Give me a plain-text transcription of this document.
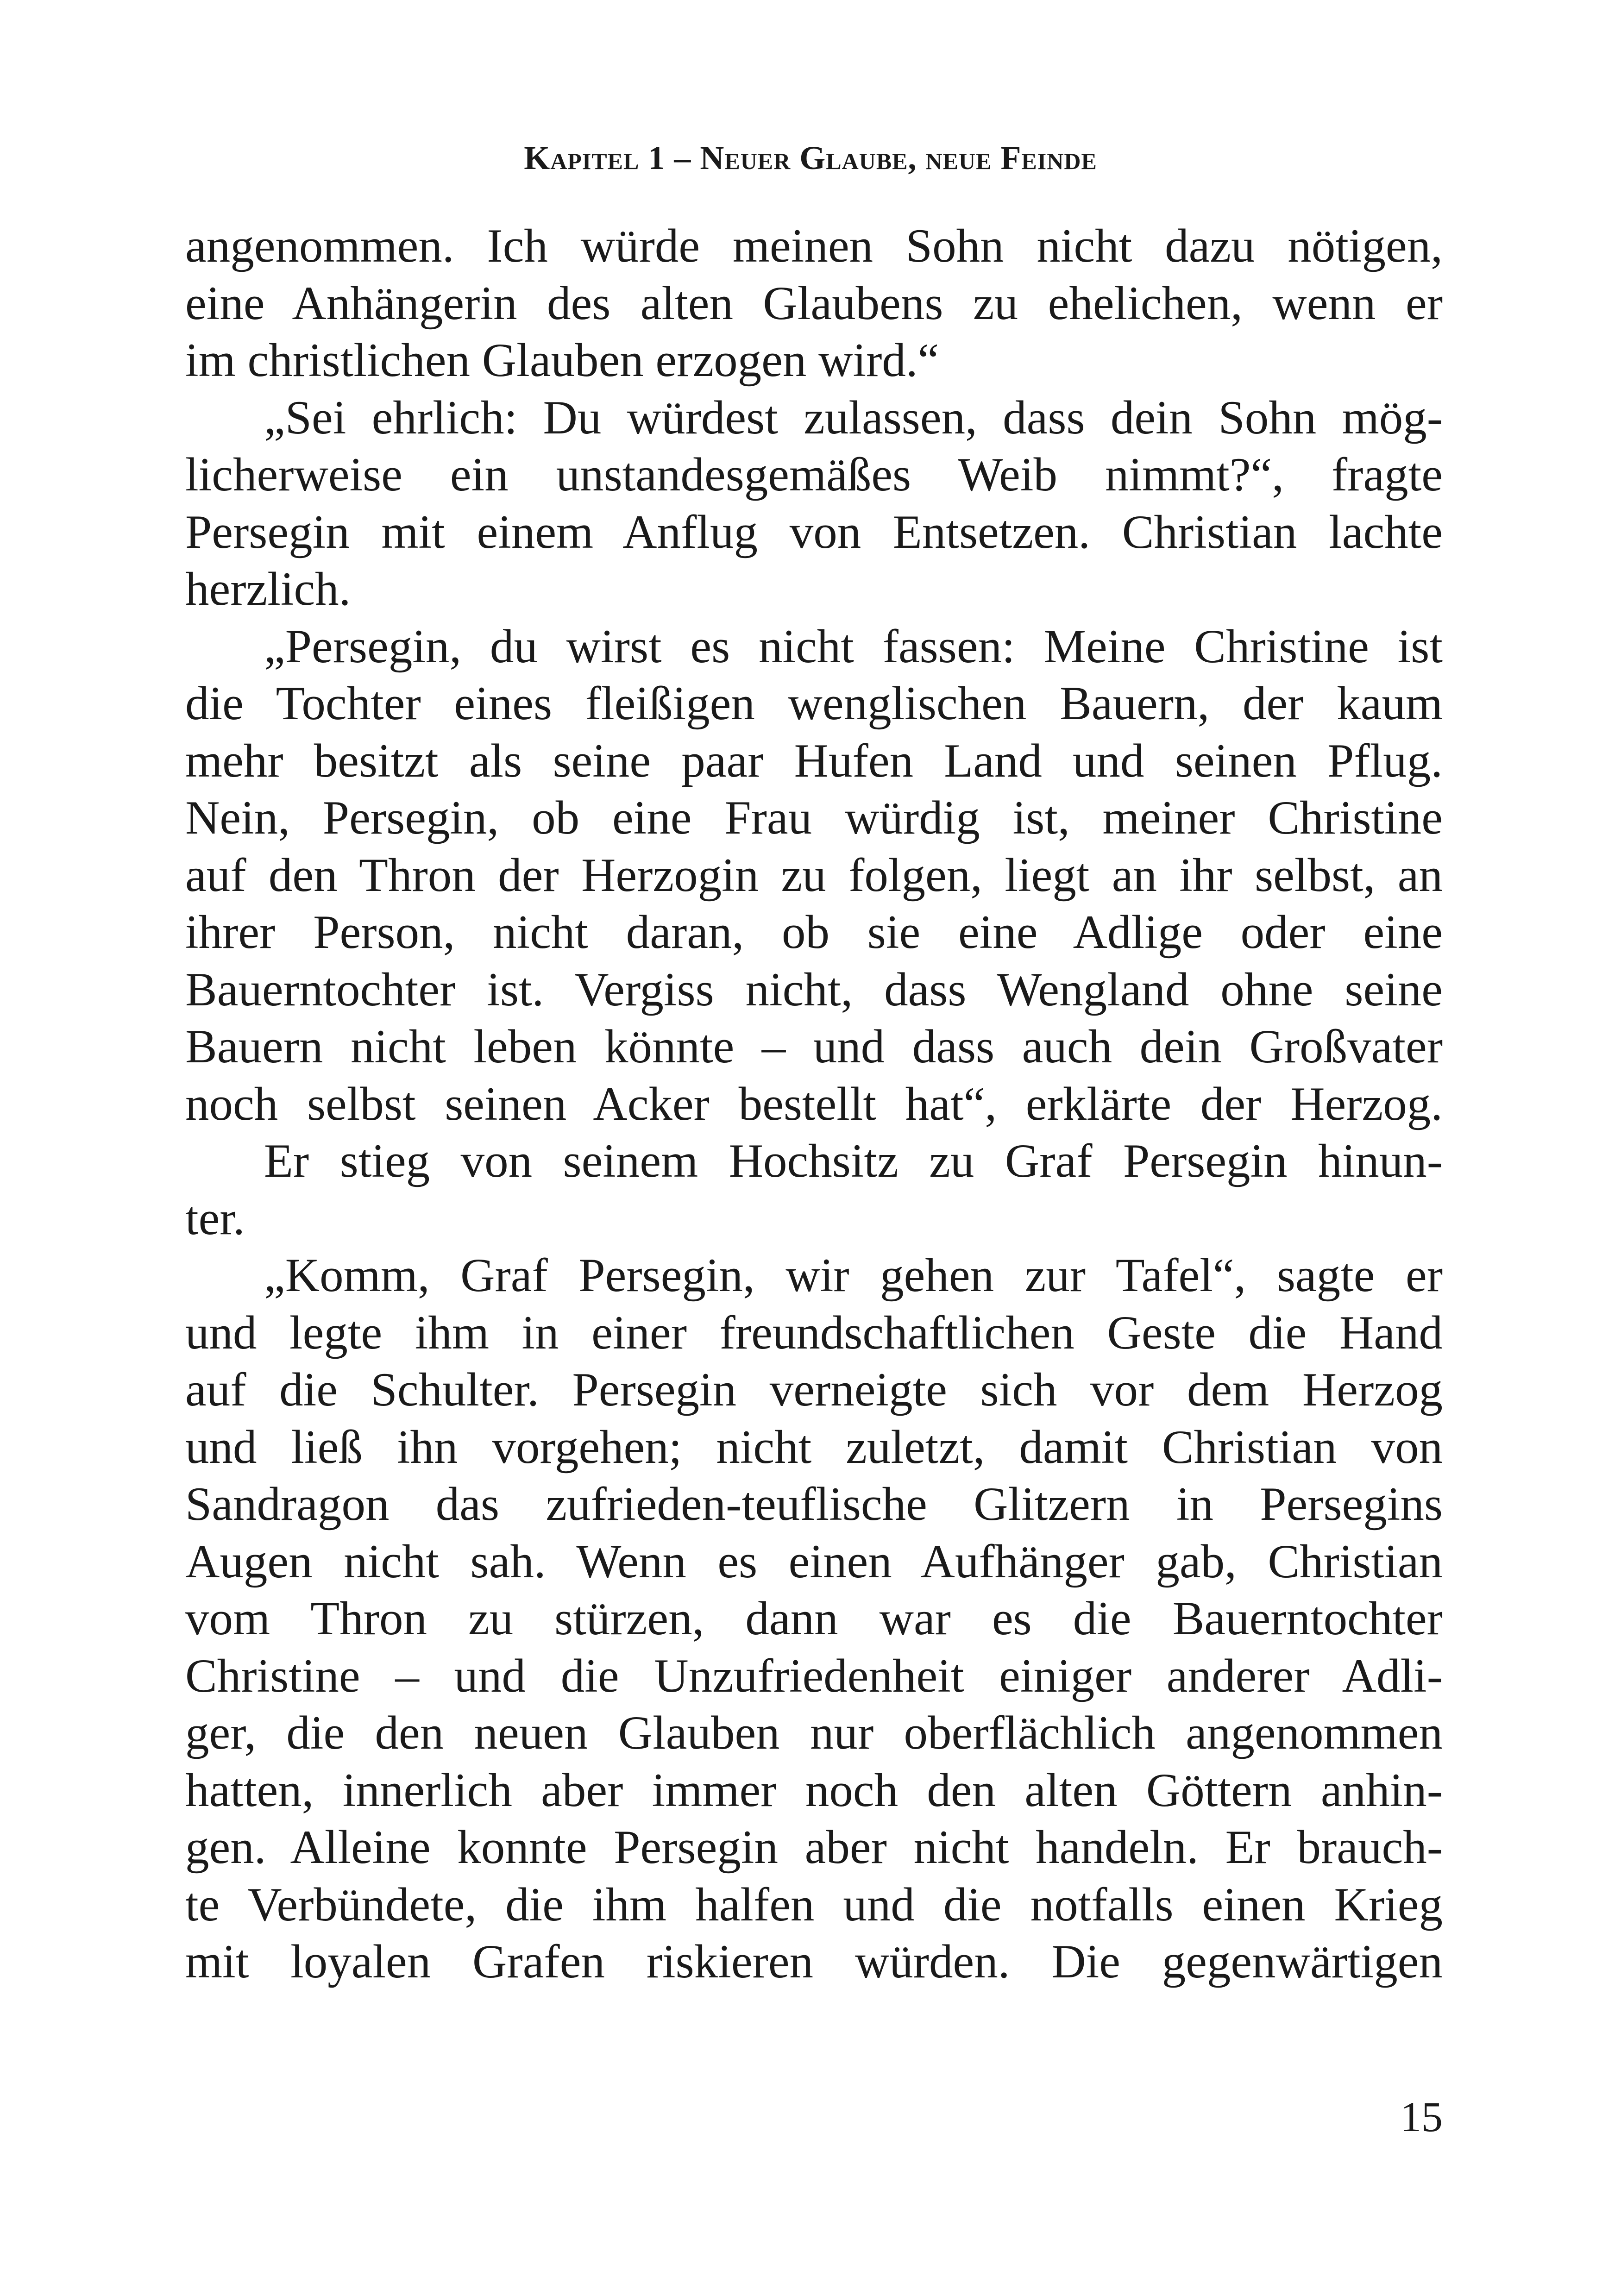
Kapitel 1 – Neuer Glaube, neue Feinde
angenommen. Ich würde meinen Sohn nicht dazu nötigen,
eine Anhängerin des alten Glaubens zu ehelichen, wenn er
im christlichen Glauben erzogen wird.“
„Sei ehrlich: Du würdest zulassen, dass dein Sohn mög-
licherweise ein unstandesgemäßes Weib nimmt?“, fragte
Persegin mit einem Anflug von Entsetzen. Christian lachte
herzlich.
„Persegin, du wirst es nicht fassen: Meine Christine ist
die Tochter eines fleißigen wenglischen Bauern, der kaum
mehr besitzt als seine paar Hufen Land und seinen Pflug.
Nein, Persegin, ob eine Frau würdig ist, meiner Christine
auf den Thron der Herzogin zu folgen, liegt an ihr selbst, an
ihrer Person, nicht daran, ob sie eine Adlige oder eine
Bauerntochter ist. Vergiss nicht, dass Wengland ohne seine
Bauern nicht leben könnte – und dass auch dein Großvater
noch selbst seinen Acker bestellt hat“, erklärte der Herzog.
Er stieg von seinem Hochsitz zu Graf Persegin hinun-
ter.
„Komm, Graf Persegin, wir gehen zur Tafel“, sagte er
und legte ihm in einer freundschaftlichen Geste die Hand
auf die Schulter. Persegin verneigte sich vor dem Herzog
und ließ ihn vorgehen; nicht zuletzt, damit Christian von
Sandragon das zufrieden-teuflische Glitzern in Persegins
Augen nicht sah. Wenn es einen Aufhänger gab, Christian
vom Thron zu stürzen, dann war es die Bauerntochter
Christine – und die Unzufriedenheit einiger anderer Adli-
ger, die den neuen Glauben nur oberflächlich angenommen
hatten, innerlich aber immer noch den alten Göttern anhin-
gen. Alleine konnte Persegin aber nicht handeln. Er brauch-
te Verbündete, die ihm halfen und die notfalls einen Krieg
mit loyalen Grafen riskieren würden. Die gegenwärtigen
15
